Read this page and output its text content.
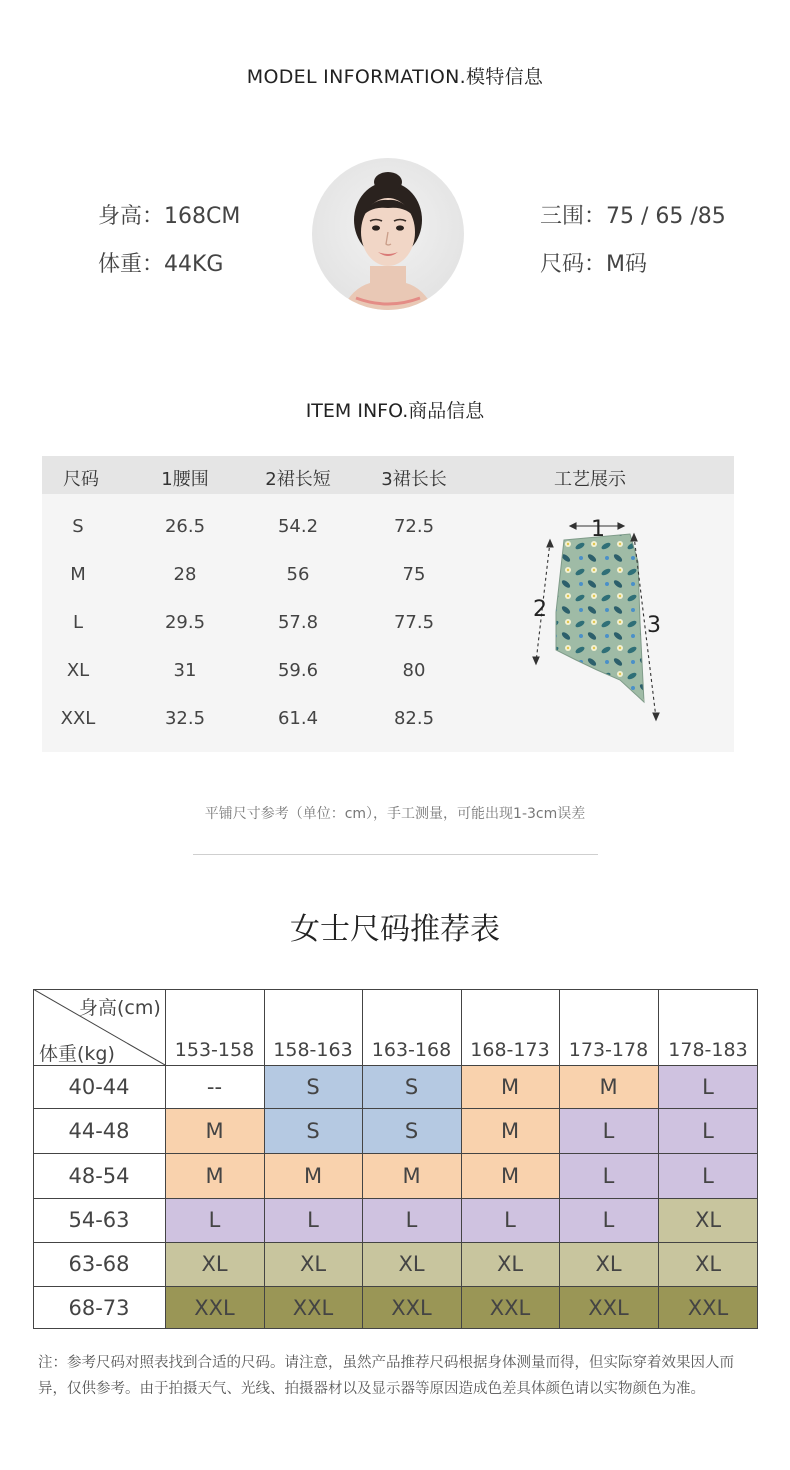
MODEL INFORMATION.模特信息
身高：168CM
体重：44KG
三围：75 / 65 /85
尺码：M码
ITEM INFO.商品信息
尺码	1腰围	2裙长短	3裙长长	工艺展示
S	26.5	54.2	72.5
M	28	56	75
L	29.5	57.8	77.5
XL	31	59.6	80
XXL	32.5	61.4	82.5
1
2
3
平铺尺寸参考（单位：cm），手工测量，可能出现1-3cm误差
女士尺码推荐表
身高(cm)
体重(kg)	153-158	158-163	163-168	168-173	173-178	178-183
40-44	--	S	S	M	M	L
44-48	M	S	S	M	L	L
48-54	M	M	M	M	L	L
54-63	L	L	L	L	L	XL
63-68	XL	XL	XL	XL	XL	XL
68-73	XXL	XXL	XXL	XXL	XXL	XXL
注：参考尺码对照表找到合适的尺码。请注意，虽然产品推荐尺码根据身体测量而得，但实际穿着效果因人而异，仅供参考。由于拍摄天气、光线、拍摄器材以及显示器等原因造成色差具体颜色请以实物颜色为准。
